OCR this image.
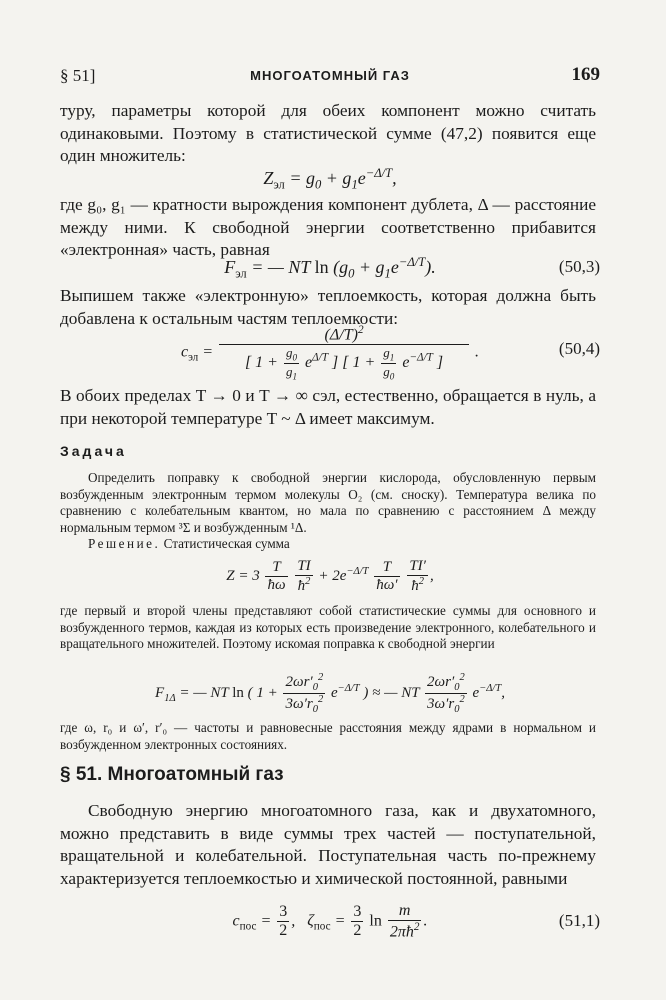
§ 51]	МНОГОАТОМНЫЙ ГАЗ	169
туру, параметры которой для обеих компонент можно считать одинаковыми. Поэтому в статистической сумме (47,2) появится еще один множитель:
$Z_{эл} = g_0 + g_1e^{-\Delta/T}$,
где g₀, g₁ — кратности вырождения компонент дублета, Δ — расстояние между ними. К свободной энергии соответственно прибавится «электронная» часть, равная
$F_{эл}$ = — NT $\ln (g_0 + g_1e^{-\Delta/T})$.	(50,3)
Выпишем также «электронную» теплоемкость, которая должна быть добавлена к остальным частям теплоемкости:
$c_{эл} = \frac{(\Delta/T)^2}{[ 1 + \frac{g_0}{g_1} e^{\Delta/T} ] [ 1 + \frac{g_1}{g_0} e^{-\Delta/T} ]}$ .	(50,4)
В обоих пределах T → 0 и T → ∞ cэл, естественно, обращается в нуль, а при некоторой температуре T ~ Δ имеет максимум.
Задача
Определить поправку к свободной энергии кислорода, обусловленную первым возбужденным электронным термом молекулы O₂ (см. сноску). Температура велика по сравнению с колебательным квантом, но мала по сравнению с расстоянием Δ между нормальным термом ³Σ и возбужденным ¹Δ.
Решение. Статистическая сумма
$Z = 3 \frac{T}{ħ\omega}$
$\frac{TI}{ħ^2} + 2e^{-\Delta/T} \frac{T}{ħ\omega'}$
$\frac{TI'}{ħ^2}$ ,
где первый и второй члены представляют собой статистические суммы для основного и возбужденного термов, каждая из которых есть произведение электронного, колебательного и вращательного множителей. Поэтому искомая поправка к свободной энергии
$F_{1\Delta}$ = — NT ln ( $1 + \frac{2\omega r'_0^2}{3\omega'r_0^2} e^{-\Delta/T}$ ) ≈ — NT $\frac{2\omega r'_0^2}{3\omega'r_0^2} e^{-\Delta/T}$,
где ω, r₀ и ω′, r′₀ — частоты и равновесные расстояния между ядрами в нормальном и возбужденном электронных состояниях.
§ 51. Многоатомный газ
Свободную энергию многоатомного газа, как и двухатомного, можно представить в виде суммы трех частей — поступательной, вращательной и колебательной. Поступательная часть по-прежнему характеризуется теплоемкостью и химической постоянной, равными
$c_{пос} = \frac{3}{2}$ ,   $\zeta_{пос} = \frac{3}{2}$ $\ln \frac{m}{2\pi ħ^2}$ .	(51,1)
